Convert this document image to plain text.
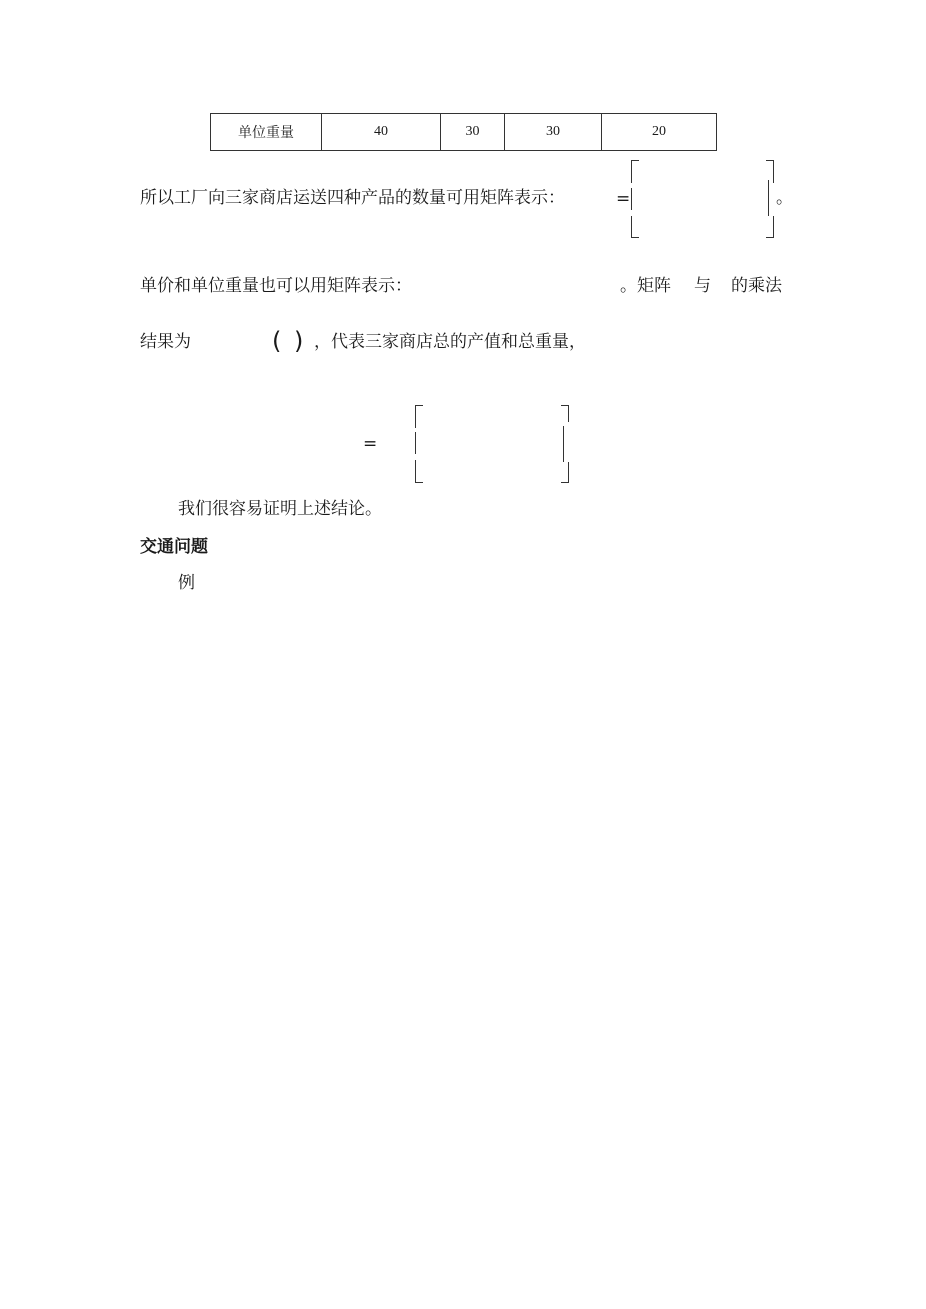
单位重量	40	30	30	20
所以工厂向三家商店运送四种产品的数量可用矩阵表示：	=	。
单价和单位重量也可以用矩阵表示：	。矩阵 与 的乘法
结果为	( ) ，代表三家商店总的产值和总重量，
=
我们很容易证明上述结论。
交通问题
例
